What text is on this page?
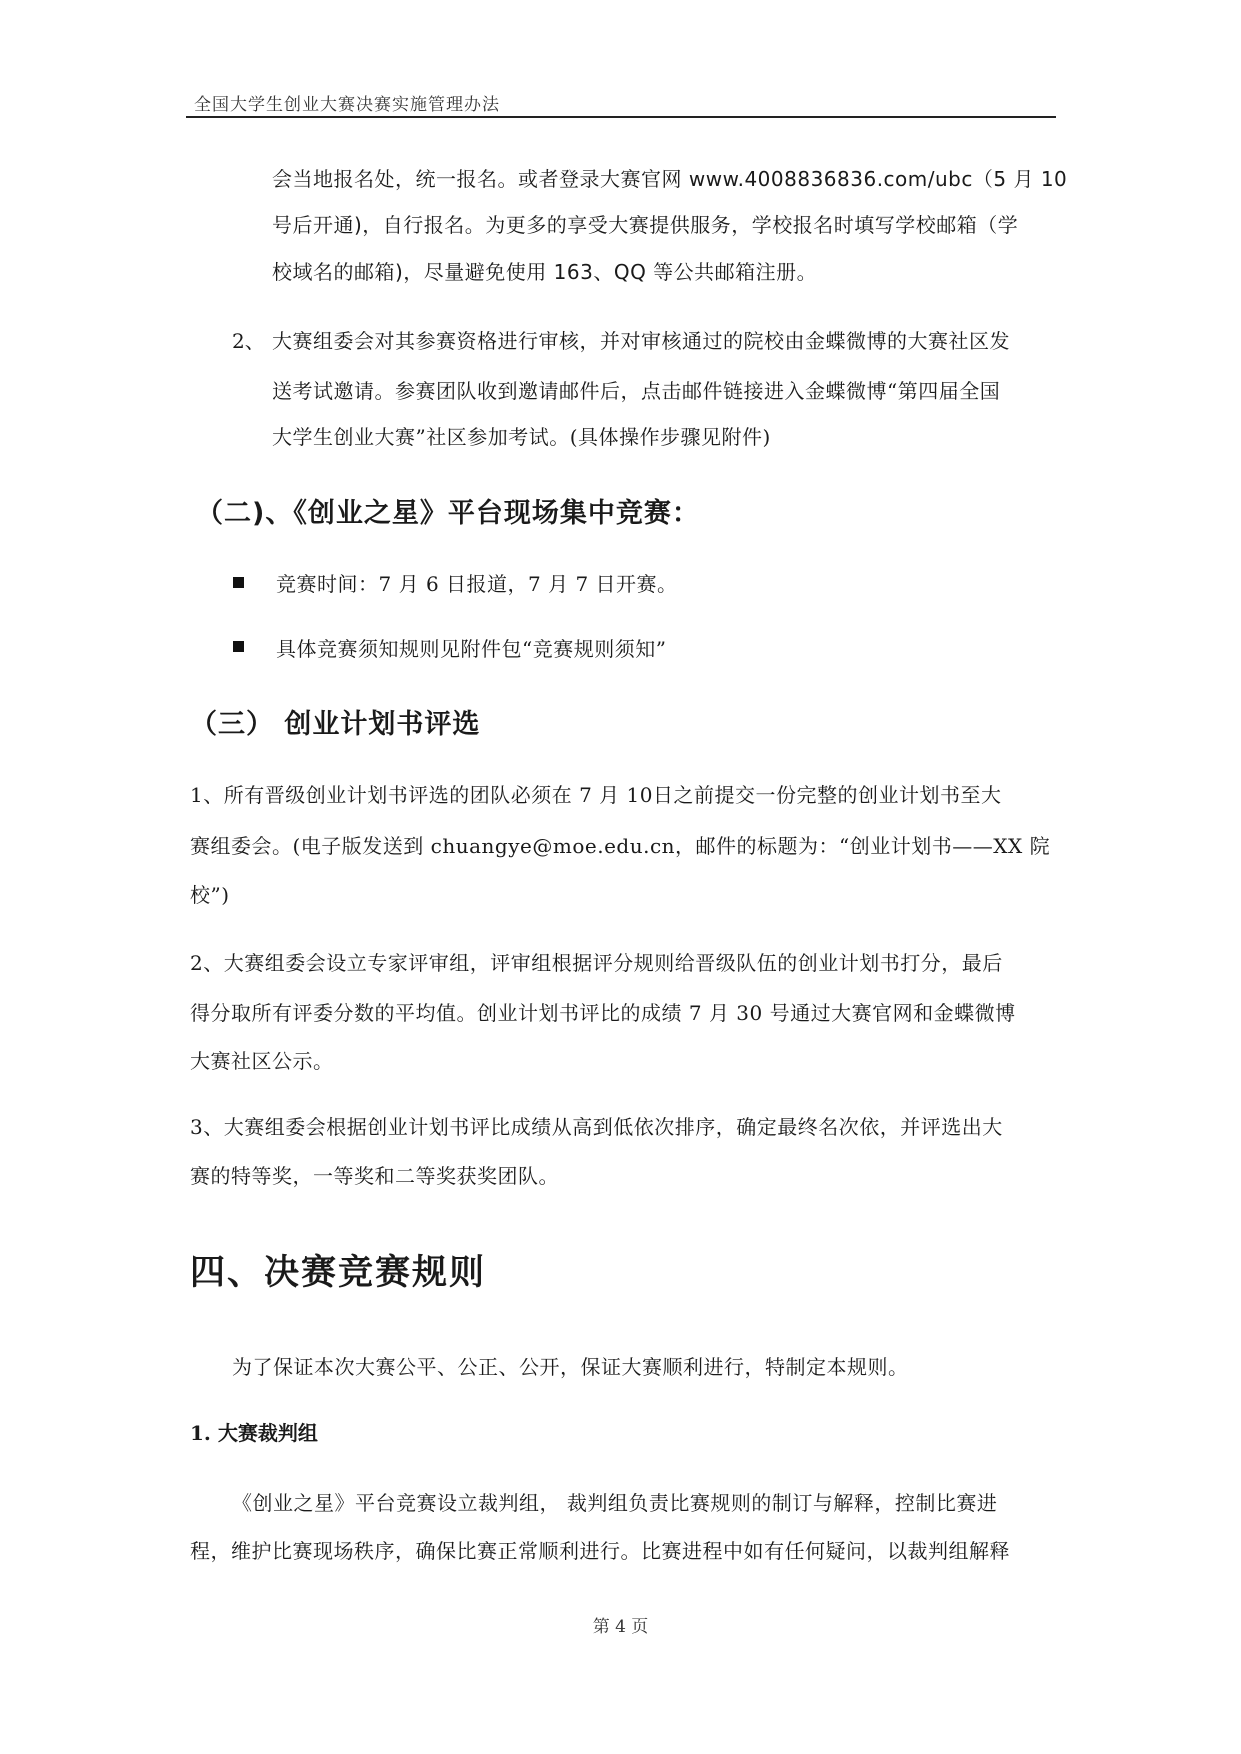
全国大学生创业大赛决赛实施管理办法
会当地报名处，统一报名。或者登录大赛官网 www.4008836836.com/ubc（5 月 10
号后开通)，自行报名。为更多的享受大赛提供服务，学校报名时填写学校邮箱（学
校域名的邮箱)，尽量避免使用 163、QQ 等公共邮箱注册。
2、 大赛组委会对其参赛资格进行审核，并对审核通过的院校由金蝶微博的大赛社区发
送考试邀请。参赛团队收到邀请邮件后，点击邮件链接进入金蝶微博“第四届全国
大学生创业大赛”社区参加考试。(具体操作步骤见附件)
（二)、《创业之星》平台现场集中竞赛：
竞赛时间：7 月 6 日报道，7 月 7 日开赛。
具体竞赛须知规则见附件包“竞赛规则须知”
（三） 创业计划书评选
1、所有晋级创业计划书评选的团队必须在 7 月 10日之前提交一份完整的创业计划书至大
赛组委会。(电子版发送到 chuangye@moe.edu.cn，邮件的标题为：“创业计划书——XX 院
校”)
2、大赛组委会设立专家评审组，评审组根据评分规则给晋级队伍的创业计划书打分，最后
得分取所有评委分数的平均值。创业计划书评比的成绩 7 月 30 号通过大赛官网和金蝶微博
大赛社区公示。
3、大赛组委会根据创业计划书评比成绩从高到低依次排序，确定最终名次依，并评选出大
赛的特等奖，一等奖和二等奖获奖团队。
四、决赛竞赛规则
为了保证本次大赛公平、公正、公开，保证大赛顺利进行，特制定本规则。
1. 大赛裁判组
《创业之星》平台竞赛设立裁判组， 裁判组负责比赛规则的制订与解释，控制比赛进
程，维护比赛现场秩序，确保比赛正常顺利进行。比赛进程中如有任何疑问，以裁判组解释
第 4 页
